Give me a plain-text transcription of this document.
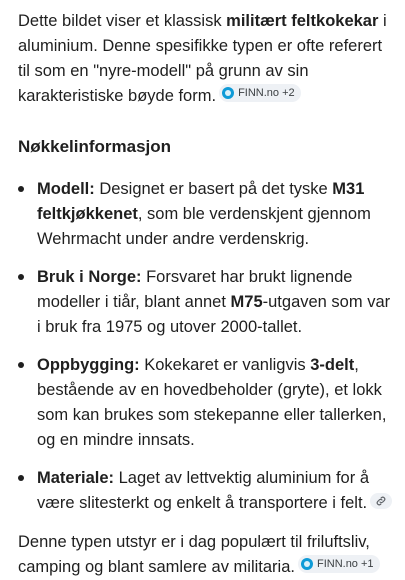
Dette bildet viser et klassisk militært feltkokekar i aluminium. Denne spesifikke typen er ofte referert til som en "nyre-modell" på grunn av sin karakteristiske bøyde form. FINN.no +2

Nøkkelinformasjon

Modell: Designet er basert på det tyske M31 feltkjøkkenet, som ble verdenskjent gjennom Wehrmacht under andre verdenskrig.
Bruk i Norge: Forsvaret har brukt lignende modeller i tiår, blant annet M75-utgaven som var i bruk fra 1975 og utover 2000-tallet.
Oppbygging: Kokekaret er vanligvis 3-delt, bestående av en hovedbeholder (gryte), et lokk som kan brukes som stekepanne eller tallerken, og en mindre innsats.
Materiale: Laget av lettvektig aluminium for å være slitesterkt og enkelt å transportere i felt.

Denne typen utstyr er i dag populært til friluftsliv, camping og blant samlere av militaria. FINN.no +1
